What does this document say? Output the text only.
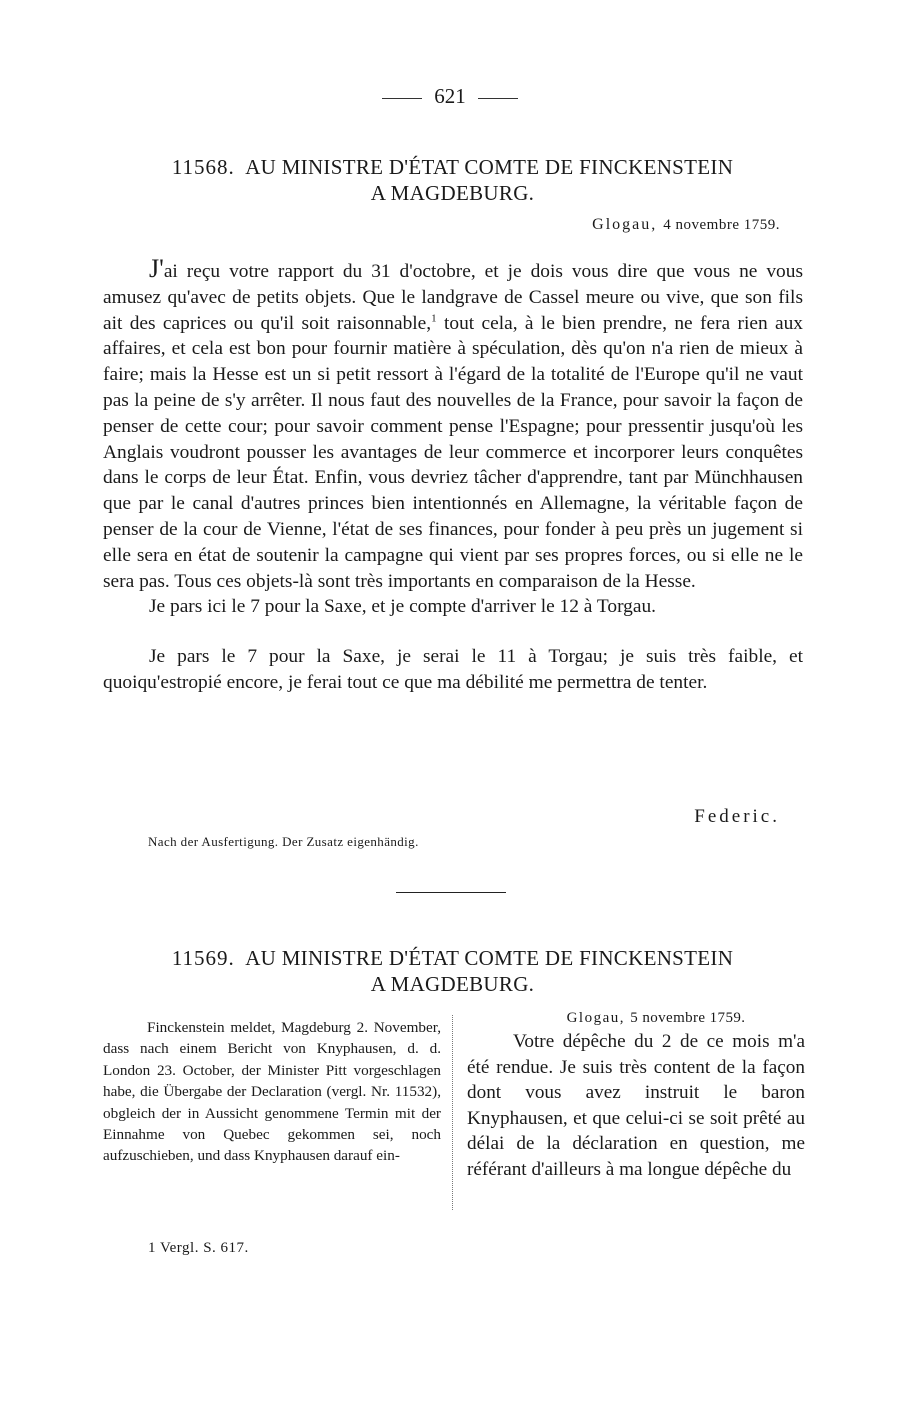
621
11568. AU MINISTRE D'ÉTAT COMTE DE FINCKENSTEIN
A MAGDEBURG.
Glogau, 4 novembre 1759.

J'ai reçu votre rapport du 31 d'octobre, et je dois vous dire que vous ne vous amusez qu'avec de petits objets. Que le landgrave de Cassel meure ou vive, que son fils ait des caprices ou qu'il soit raisonnable,$^1$ tout cela, à le bien prendre, ne fera rien aux affaires, et cela est bon pour fournir matière à spéculation, dès qu'on n'a rien de mieux à faire; mais la Hesse est un si petit ressort à l'égard de la totalité de l'Europe qu'il ne vaut pas la peine de s'y arrêter. Il nous faut des nouvelles de la France, pour savoir la façon de penser de cette cour; pour savoir comment pense l'Espagne; pour pressentir jusqu'où les Anglais voudront pousser les avantages de leur commerce et incorporer leurs conquêtes dans le corps de leur État. Enfin, vous devriez tâcher d'apprendre, tant par Münchhausen que par le canal d'autres princes bien intentionnés en Allemagne, la véritable façon de penser de la cour de Vienne, l'état de ses finances, pour fonder à peu près un jugement si elle sera en état de soutenir la campagne qui vient par ses propres forces, ou si elle ne le sera pas. Tous ces objets-là sont très importants en comparaison de la Hesse.

Je pars ici le 7 pour la Saxe, et je compte d'arriver le 12 à Torgau.

Je pars le 7 pour la Saxe, je serai le 11 à Torgau; je suis très faible, et quoiqu'estropié encore, je ferai tout ce que ma débilité me permettra de tenter.

Federic.
Nach der Ausfertigung. Der Zusatz eigenhändig.
11569. AU MINISTRE D'ÉTAT COMTE DE FINCKENSTEIN
A MAGDEBURG.

Finckenstein meldet, Magdeburg 2. November, dass nach einem Bericht von Knyphausen, d. d. London 23. October, der Minister Pitt vorgeschlagen habe, die Übergabe der Declaration (vergl. Nr. 11532), obgleich der in Aussicht genommene Termin mit der Einnahme von Quebec gekommen sei, noch aufzuschieben, und dass Knyphausen darauf ein-

Glogau, 5 novembre 1759.

Votre dépêche du 2 de ce mois m'a été rendue. Je suis très content de la façon dont vous avez instruit le baron Knyphausen, et que celui-ci se soit prêté au délai de la déclaration en question, me référant d'ailleurs à ma longue dépêche du

1 Vergl. S. 617.
